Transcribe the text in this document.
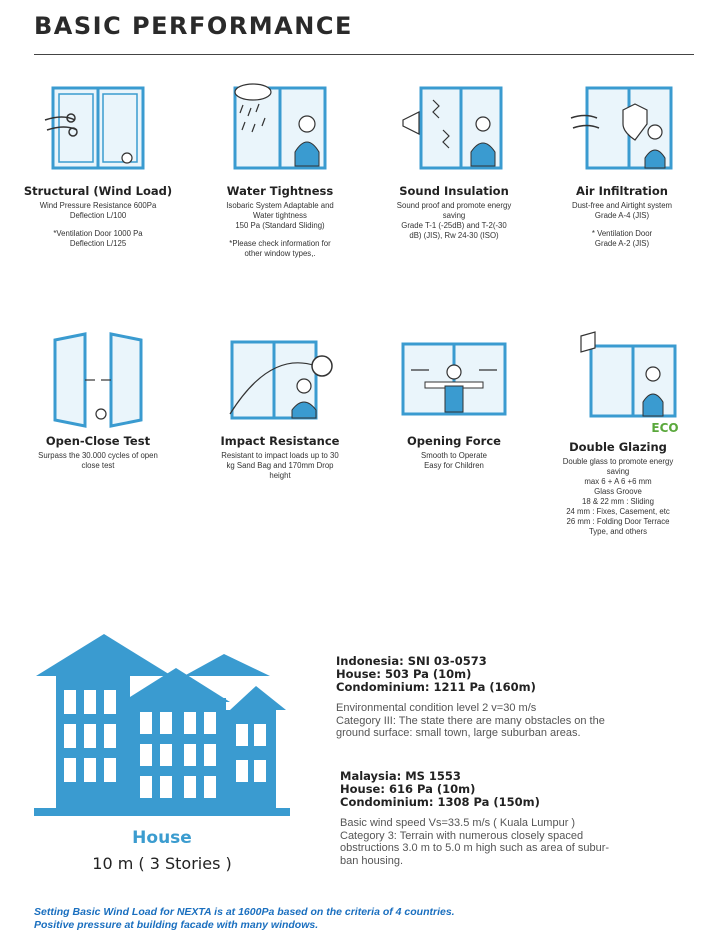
BASIC PERFORMANCE
Structural (Wind Load)

Wind Pressure Resistance 600Pa

Deflection L/100

*Ventilation Door 1000 Pa

Deflection L/125

Water Tightness

Isobaric System Adaptable and

Water tightness

150 Pa (Standard Sliding)

*Please check information for

other window types,.

Sound Insulation

Sound proof and promote energy

saving

Grade T-1 (-25dB) and T-2(-30

dB) (JIS), Rw 24-30 (ISO)

Air Infiltration

Dust-free and Airtight system

Grade A-4 (JIS)

* Ventilation Door

Grade A-2 (JIS)

Open-Close Test

Surpass the 30.000 cycles of open

close test

Impact Resistance

Resistant to impact loads up to 30

kg Sand Bag and 170mm Drop

height

Opening Force

Smooth to Operate

Easy for Children

ECO
Double Glazing

Double glass to promote energy

saving

max 6 + A 6 +6 mm

Glass Groove

18 & 22 mm : Sliding

24 mm : Fixes, Casement, etc

26 mm : Folding Door Terrace

Type, and others

House
10 m ( 3 Stories )
Indonesia: SNI 03-0573
House: 503 Pa (10m)
Condominium: 1211 Pa (160m)
Environmental condition level 2 v=30 m/s
Category III: The state there are many obstacles on the
ground surface: small town, large suburban areas.
Malaysia: MS 1553
House: 616 Pa (10m)
Condominium: 1308 Pa (150m)
Basic wind speed Vs=33.5 m/s ( Kuala Lumpur )
Category 3: Terrain with numerous closely spaced
obstructions 3.0 m to 5.0 m high such as area of subur-
ban housing.
Setting Basic Wind Load for NEXTA is at 1600Pa based on the criteria of 4 countries.
Positive pressure at building facade with many windows.
